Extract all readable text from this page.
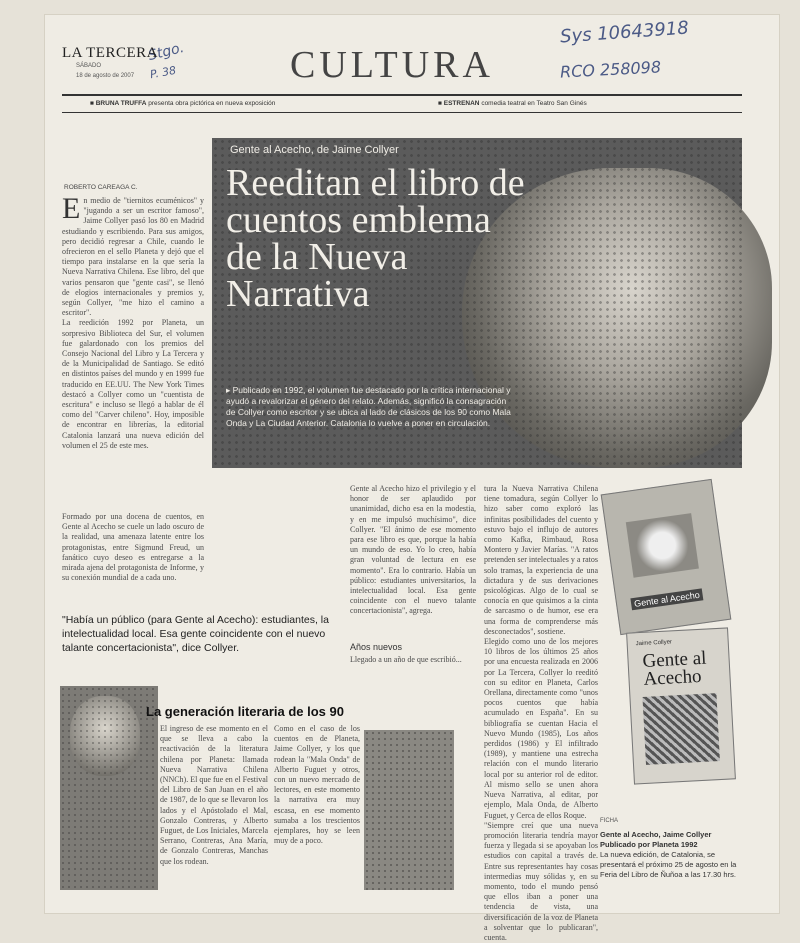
Sys 10643918
RCO 258098
Stgo.
P. 38
LA TERCERA
SÁBADO
18 de agosto de 2007	CULTURA
■ BRUNA TRUFFA presenta obra pictórica en nueva exposición	■ ESTRENAN comedia teatral en Teatro San Ginés
Gente al Acecho, de Jaime Collyer
Reeditan el libro de cuentos emblema de la Nueva Narrativa

▸ Publicado en 1992, el volumen fue destacado por la crítica internacional y ayudó a revalorizar el género del relato. Además, significó la consagración de Collyer como escritor y se ubica al lado de clásicos de los 90 como Mala Onda y La Ciudad Anterior. Catalonia lo vuelve a poner en circulación.

ROBERTO CAREAGA C.
En medio de "tiernitos ecuménicos" y "jugando a ser un escritor famoso", Jaime Collyer pasó los 80 en Madrid estudiando y escribiendo. Para sus amigos, pero decidió regresar a Chile, cuando le ofrecieron en el sello Planeta y dejó que el tiempo para instalarse en la que sería la Nueva Narrativa Chilena. Ese libro, del que varios pensaron que "gente casi", se llenó de elogios internacionales y premios y, según Collyer, "me hizo el camino a escritor".
La reedición 1992 por Planeta, un sorpresivo Biblioteca del Sur, el volumen fue galardonado con los premios del Consejo Nacional del Libro y La Tercera y de la Municipalidad de Santiago. Se editó en distintos países del mundo y en 1999 fue traducido en EE.UU. The New York Times destacó a Collyer como un "cuentista de escritura" e incluso se llegó a hablar de él como del "Carver chileno". Hoy, imposible de encontrar en librerías, la editorial Catalonia lanzará una nueva edición del volumen el 25 de este mes.
Formado por una docena de cuentos, en Gente al Acecho se cuele un lado oscuro de la realidad, una amenaza latente entre los protagonistas, entre Sigmund Freud, un fanático cuyo deseo es entregarse a la mirada ajena del protagonista de Informe, y su conexión mundial de a cada uno.

"Había un público (para Gente al Acecho): estudiantes, la intelectualidad local. Esa gente coincidente con el nuevo talante concertacionista", dice Collyer.

Gente al Acecho hizo el privilegio y el honor de ser aplaudido por unanimidad, dicho esa en la modestia, y en me impulsó muchísimo", dice Collyer. "El ánimo de ese momento para ese libro es que, porque la había un mundo de eso. Yo lo creo, había gran voluntad de lectura en ese momento". Era lo contrario. Había un público: estudiantes universitarios, la intelectualidad local. Esa gente coincidente con el nuevo talante concertacionista", agrega.
Años nuevos
Llegado a un año de que escribió...
tura la Nueva Narrativa Chilena tiene tomadura, según Collyer lo hizo saber como exploró las infinitas posibilidades del cuento y estuvo bajo el influjo de autores como Kafka, Rimbaud, Rosa Montero y Javier Marías. "A ratos pretenden ser intelectuales y a ratos solo tramas, la experiencia de una dictadura y de sus derivaciones psicológicas. Algo de lo cual se conocía en que quisimos a la cinta de sarcasmo o de humor, ese era una forma de comprenderse más desconectados", sostiene.
Elegido como uno de los mejores 10 libros de los últimos 25 años por una encuesta realizada en 2006 por La Tercera, Collyer lo reeditó con su editor en Planeta, Carlos Orellana, directamente como "unos pocos cuentos que había acumulado en España". En su bibliografía se cuentan Hacia el Nuevo Mundo (1985), Los años perdidos (1986) y El infiltrado (1989), y mantiene una estrecha relación con el mundo literario local por su anterior rol de editor. Al mismo sello se unen ahora Nueva Narrativa, al editar, por ejemplo, Mala Onda, de Alberto Fuguet, y Cerca de ellos Roque.
"Siempre creí que una nueva promoción literaria tendría mayor fuerza y llegada si se apoyaban los estudios con capital a través de. Entre sus representantes hay cosas intermedias muy sólidas y, en su momento, todo el mundo pensó que ellos iban a poner una tendencia de vista, una diversificación de la voz de Planeta a solventar que lo publicaran", cuenta.
La generación literaria de los 90
El ingreso de ese momento en el que se lleva a cabo la reactivación de la literatura chilena por Planeta: llamada Nueva Narrativa Chilena (NNCh). El que fue en el Festival del Libro de San Juan en el año de 1987, de lo que se llevaron los lados y el Apóstolado el Mal, Gonzalo Contreras, y Alberto Fuguet, de Los Iniciales, Marcela Serrano, Contreras, Ana María, de Gonzalo Contreras, Manchas que los rodean.
Como en el caso de los cuentos en de Planeta, Jaime Collyer, y los que rodean la "Mala Onda" de Alberto Fuguet y otros, con un nuevo mercado de lectores, en este momento la narrativa era muy escasa, en ese momento sumaba a los trescientos ejemplares, hoy se leen muy de a poco.
Gente al Acecho
Jaime Collyer
Gente al Acecho
FICHA
Gente al Acecho, Jaime Collyer
Publicado por Planeta 1992
La nueva edición, de Catalonia, se presentará el próximo 25 de agosto en la Feria del Libro de Ñuñoa a las 17.30 hrs.
